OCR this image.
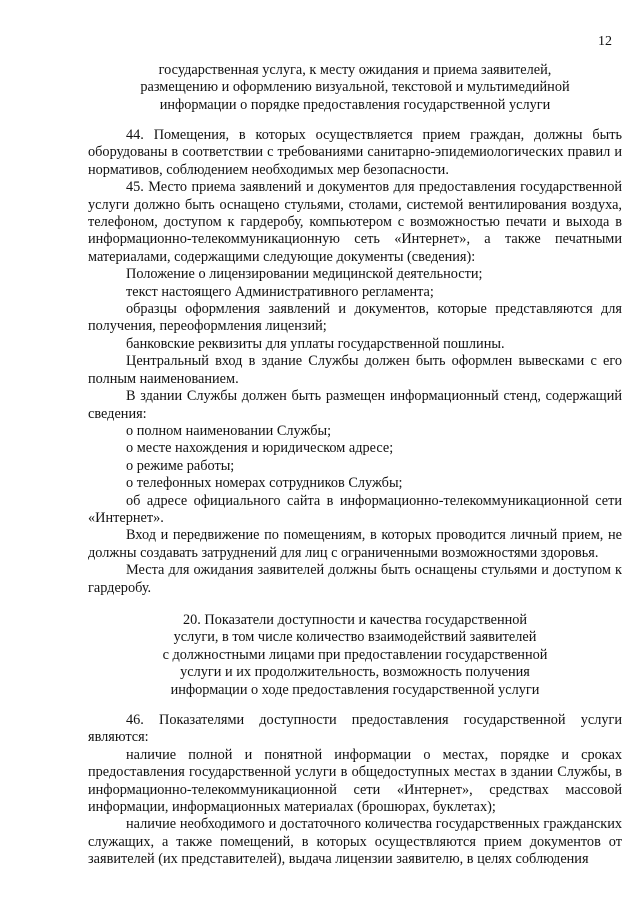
12
государственная услуга, к месту ожидания и приема заявителей,
размещению и оформлению визуальной, текстовой и мультимедийной
информации о порядке предоставления государственной услуги

44. Помещения, в которых осуществляется прием граждан, должны быть оборудованы в соответствии с требованиями санитарно-эпидемиологических правил и нормативов, соблюдением необходимых мер безопасности.

45. Место приема заявлений и документов для предоставления государственной услуги должно быть оснащено стульями, столами, системой вентилирования воздуха, телефоном, доступом к гардеробу, компьютером с возможностью печати и выхода в информационно-телекоммуникационную сеть «Интернет», а также печатными материалами, содержащими следующие документы (сведения):

Положение о лицензировании медицинской деятельности;

текст настоящего Административного регламента;

образцы оформления заявлений и документов, которые представляются для получения, переоформления лицензий;

банковские реквизиты для уплаты государственной пошлины.

Центральный вход в здание Службы должен быть оформлен вывесками с его полным наименованием.

В здании Службы должен быть размещен информационный стенд, содержащий сведения:

о полном наименовании Службы;

о месте нахождения и юридическом адресе;

о режиме работы;

о телефонных номерах сотрудников Службы;

об адресе официального сайта в информационно-телекоммуникационной сети «Интернет».

Вход и передвижение по помещениям, в которых проводится личный прием, не должны создавать затруднений для лиц с ограниченными возможностями здоровья.

Места для ожидания заявителей должны быть оснащены стульями и доступом к гардеробу.

20. Показатели доступности и качества государственной
услуги, в том числе количество взаимодействий заявителей
с должностными лицами при предоставлении государственной
услуги и их продолжительность, возможность получения
информации о ходе предоставления государственной услуги

46. Показателями доступности предоставления государственной услуги являются:

наличие полной и понятной информации о местах, порядке и сроках предоставления государственной услуги в общедоступных местах в здании Службы, в информационно-телекоммуникационной сети «Интернет», средствах массовой информации, информационных материалах (брошюрах, буклетах);

наличие необходимого и достаточного количества государственных гражданских служащих, а также помещений, в которых осуществляются прием документов от заявителей (их представителей), выдача лицензии заявителю, в целях соблюдения
